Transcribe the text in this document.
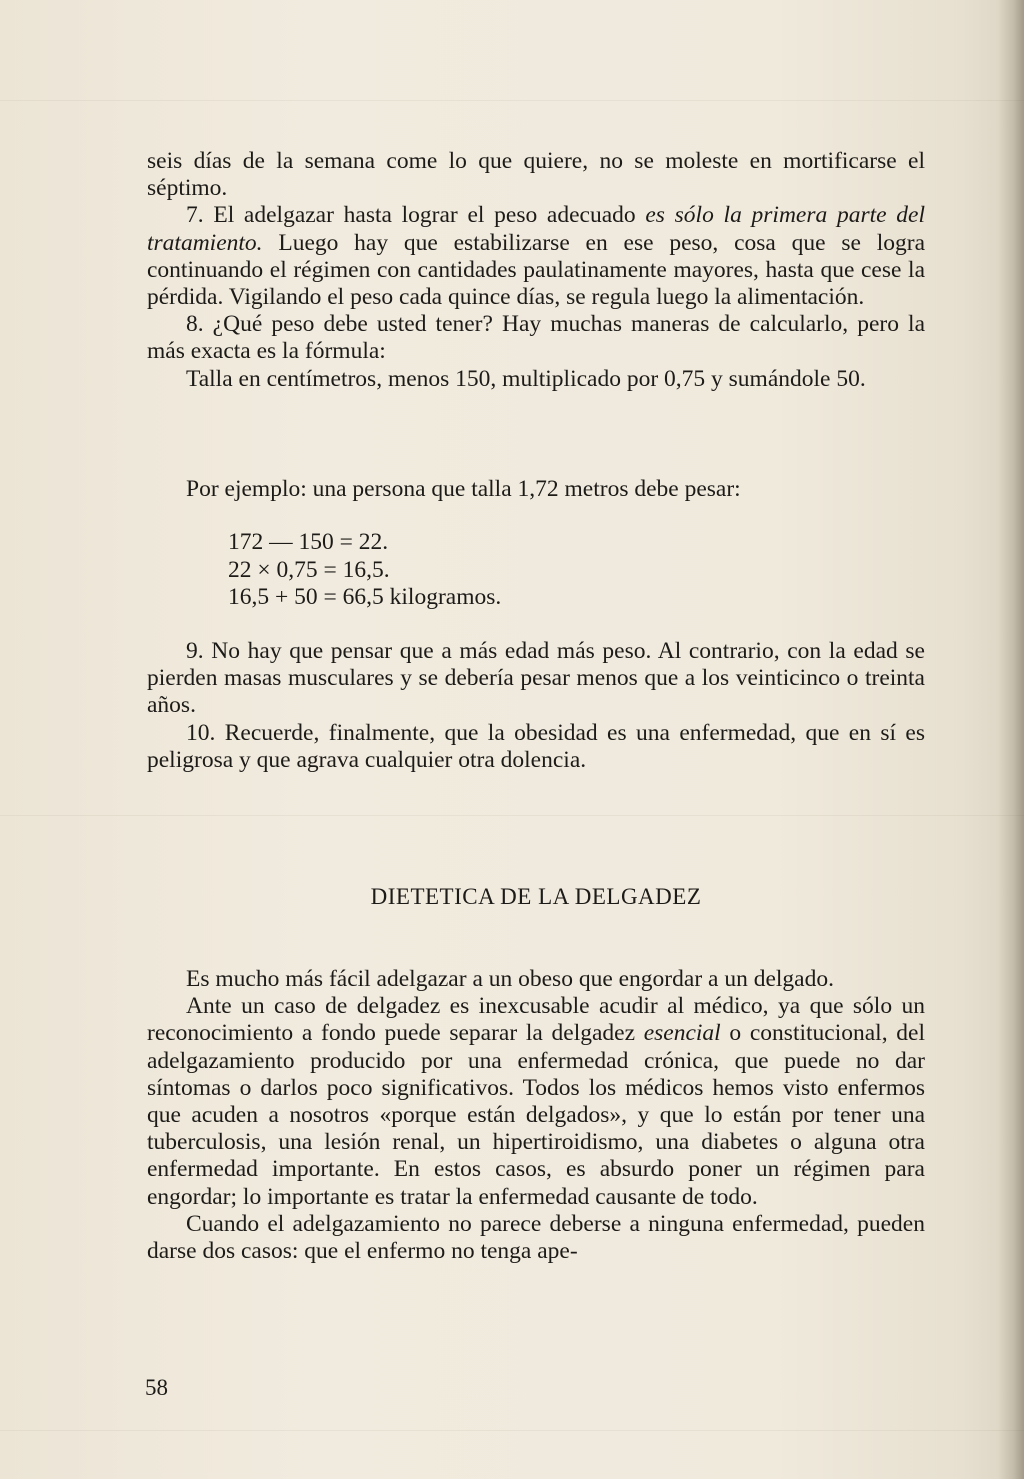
seis días de la semana come lo que quiere, no se moleste en mortificarse el séptimo.

7. El adelgazar hasta lograr el peso adecuado es sólo la primera parte del tratamiento. Luego hay que estabilizarse en ese peso, cosa que se logra continuando el régimen con cantidades paulatinamente mayores, hasta que cese la pérdida. Vigilando el peso cada quince días, se regula luego la alimentación.

8. ¿Qué peso debe usted tener? Hay muchas maneras de calcularlo, pero la más exacta es la fórmula:

Talla en centímetros, menos 150, multiplicado por 0,75 y sumándole 50.

Por ejemplo: una persona que talla 1,72 metros debe pesar:

172 — 150 = 22.
22 × 0,75 = 16,5.
16,5 + 50 = 66,5 kilogramos.

9. No hay que pensar que a más edad más peso. Al contrario, con la edad se pierden masas musculares y se debería pesar menos que a los veinticinco o treinta años.

10. Recuerde, finalmente, que la obesidad es una enfermedad, que en sí es peligrosa y que agrava cualquier otra dolencia.

DIETETICA DE LA DELGADEZ

Es mucho más fácil adelgazar a un obeso que engordar a un delgado.

Ante un caso de delgadez es inexcusable acudir al médico, ya que sólo un reconocimiento a fondo puede separar la delgadez esencial o constitucional, del adelgazamiento producido por una enfermedad crónica, que puede no dar síntomas o darlos poco significativos. Todos los médicos hemos visto enfermos que acuden a nosotros «porque están delgados», y que lo están por tener una tuberculosis, una lesión renal, un hipertiroidismo, una diabetes o alguna otra enfermedad importante. En estos casos, es absurdo poner un régimen para engordar; lo importante es tratar la enfermedad causante de todo.

Cuando el adelgazamiento no parece deberse a ninguna enfermedad, pueden darse dos casos: que el enfermo no tenga ape-

58
